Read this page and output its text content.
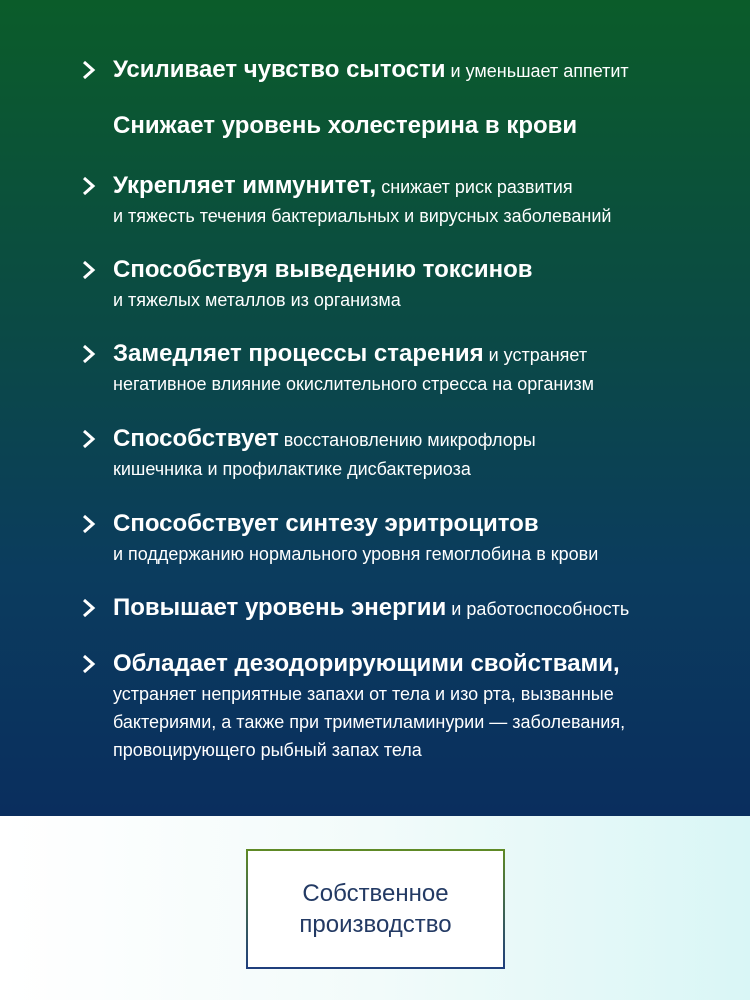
Усиливает чувство сытости и уменьшает аппетит
Снижает уровень холестерина в крови
Укрепляет иммунитет, снижает риск развития
и тяжесть течения бактериальных и вирусных заболеваний
Способствуя выведению токсинов
и тяжелых металлов из организма
Замедляет процессы старения и устраняет
негативное влияние окислительного стресса на организм
Способствует восстановлению микрофлоры
кишечника и профилактике дисбактериоза
Способствует синтезу эритроцитов
и поддержанию нормального уровня гемоглобина в крови
Повышает уровень энергии и работоспособность
Обладает дезодорирующими свойствами,
устраняет неприятные запахи от тела и изо рта, вызванные
бактериями, а также при триметиламинурии — заболевания,
провоцирующего рыбный запах тела
Собственное
производство
